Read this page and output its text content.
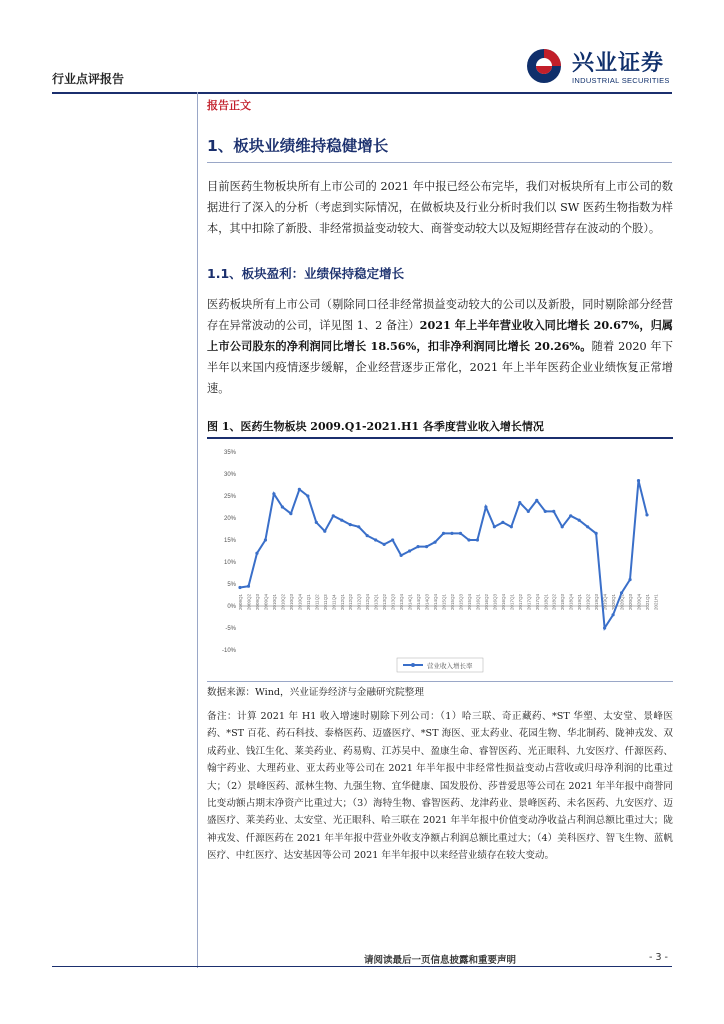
行业点评报告
兴业证券
INDUSTRIAL SECURITIES
报告正文
1、板块业绩维持稳健增长
目前医药生物板块所有上市公司的 2021 年中报已经公布完毕，我们对板块所有上市公司的数据进行了深入的分析（考虑到实际情况，在做板块及行业分析时我们以 SW 医药生物指数为样本，其中扣除了新股、非经常损益变动较大、商誉变动较大以及短期经营存在波动的个股）。
1.1、板块盈利：业绩保持稳定增长
医药板块所有上市公司（剔除同口径非经常损益变动较大的公司以及新股，同时剔除部分经营存在异常波动的公司，详见图 1、2 备注）2021 年上半年营业收入同比增长 20.67%，归属上市公司股东的净利润同比增长 18.56%，扣非净利润同比增长 20.26%。随着 2020 年下半年以来国内疫情逐步缓解，企业经营逐步正常化，2021 年上半年医药企业业绩恢复正常增速。
图 1、医药生物板块 2009.Q1-2021.H1 各季度营业收入增长情况
35%
30%
25%
20%
15%
10%
5%
0%
-5%
-10%
2009Q1 2009Q2 2009Q3 2009Q4 2010Q1 2010Q2 2010Q3 2010Q4 2011Q1 2011Q2 2011Q3 2011Q4 2012Q1 2012Q2 2012Q3 2012Q4 2013Q1 2013Q2 2013Q3 2013Q4 2014Q1 2014Q2 2014Q3 2014Q4 2015Q1 2015Q2 2015Q3 2015Q4 2016Q1 2016Q2 2016Q3 2016Q4 2017Q1 2017Q2 2017Q3 2017Q4 2018Q1 2018Q2 2018Q3 2018Q4 2019Q1 2019Q2 2019Q3 2019Q4 2020Q1 2020Q2 2020Q3 2020Q4 2021Q1 2021H1
营业收入增长率
数据来源：Wind，兴业证券经济与金融研究院整理
备注：计算 2021 年 H1 收入增速时剔除下列公司：（1）哈三联、奇正藏药、*ST 华塑、太安堂、景峰医药、*ST 百花、药石科技、泰格医药、迈盛医疗、*ST 海医、亚太药业、花园生物、华北制药、陇神戎发、双成药业、钱江生化、莱美药业、药易购、江苏吴中、盈康生命、睿智医药、光正眼科、九安医疗、仟源医药、翰宇药业、大理药业、亚太药业等公司在 2021 年半年报中非经常性损益变动占营收或归母净利润的比重过大；（2）景峰医药、派林生物、九强生物、宜华健康、国发股份、莎普爱思等公司在 2021 年半年报中商誉同比变动额占期末净资产比重过大；（3）海特生物、睿智医药、龙津药业、景峰医药、未名医药、九安医疗、迈盛医疗、莱美药业、太安堂、光正眼科、哈三联在 2021 年半年报中价值变动净收益占利润总额比重过大；陇神戎发、仟源医药在 2021 年半年报中营业外收支净额占利润总额比重过大；（4）美科医疗、智飞生物、蓝帆医疗、中红医疗、达安基因等公司 2021 年半年报中以来经营业绩存在较大变动。
请阅读最后一页信息披露和重要声明	- 3 -
